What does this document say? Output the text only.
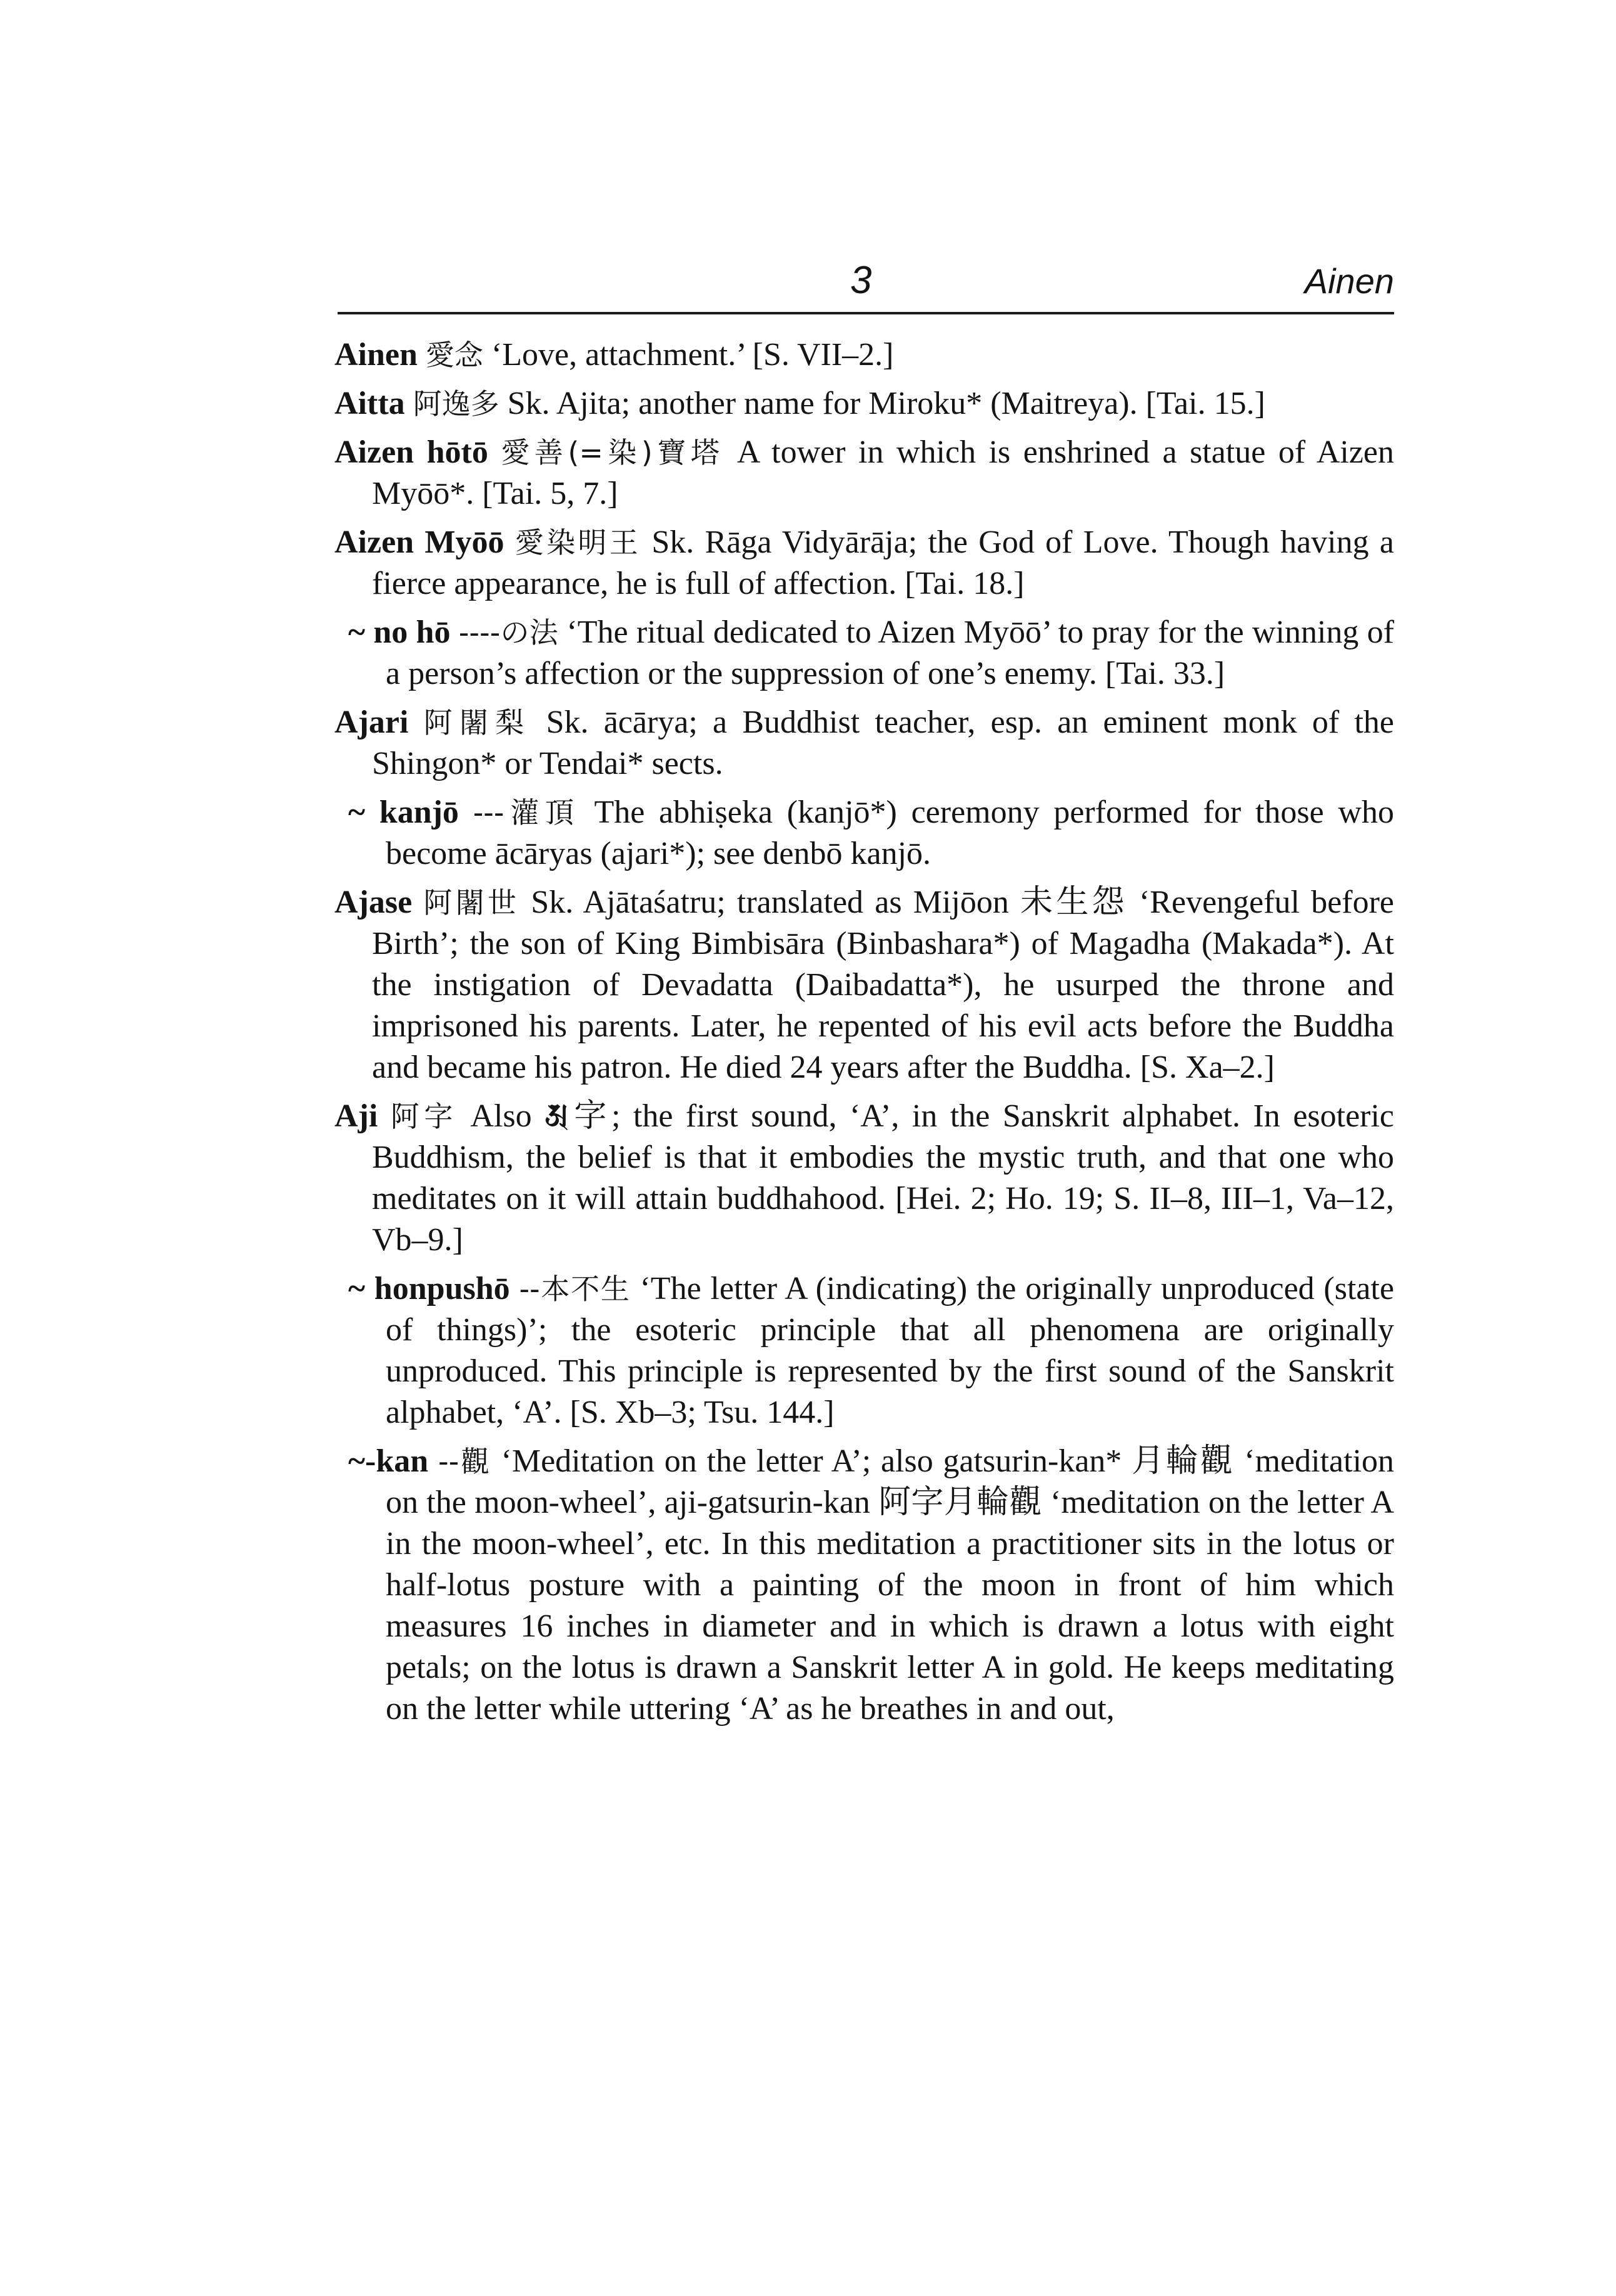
3	Ainen

Ainen 愛念 ‘Love, attachment.’ [S. VII–2.]

Aitta 阿逸多 Sk. Ajita; another name for Miroku* (Maitreya). [Tai. 15.]

Aizen hōtō 愛善(=染)寶塔 A tower in which is enshrined a statue of Aizen Myōō*. [Tai. 5, 7.]

Aizen Myōō 愛染明王 Sk. Rāga Vidyārāja; the God of Love. Though having a fierce appearance, he is full of affection. [Tai. 18.]

~ no hō ----の法 ‘The ritual dedicated to Aizen Myōō’ to pray for the winning of a person’s affection or the suppression of one’s enemy. [Tai. 33.]

Ajari 阿闍梨 Sk. ācārya; a Buddhist teacher, esp. an eminent monk of the Shingon* or Tendai* sects.

~ kanjō ---灌頂 The abhiṣeka (kanjō*) ceremony performed for those who become ācāryas (ajari*); see denbō kanjō.

Ajase 阿闍世 Sk. Ajātaśatru; translated as Mijōon 未生怨 ‘Revengeful before Birth’; the son of King Bimbisāra (Binbashara*) of Magadha (Makada*). At the instigation of Devadatta (Daibadatta*), he usurped the throne and imprisoned his parents. Later, he repented of his evil acts before the Buddha and became his patron. He died 24 years after the Buddha. [S. Xa–2.]

Aji 阿字 Also 𑖀字; the first sound, ‘A’, in the Sanskrit alphabet. In esoteric Buddhism, the belief is that it embodies the mystic truth, and that one who meditates on it will attain buddhahood. [Hei. 2; Ho. 19; S. II–8, III–1, Va–12, Vb–9.]

~ honpushō --本不生 ‘The letter A (indicating) the originally unproduced (state of things)’; the esoteric principle that all phenomena are originally unproduced. This principle is represented by the first sound of the Sanskrit alphabet, ‘A’. [S. Xb–3; Tsu. 144.]

~-kan --觀 ‘Meditation on the letter A’; also gatsurin-kan* 月輪觀 ‘meditation on the moon-wheel’, aji-gatsurin-kan 阿字月輪觀 ‘meditation on the letter A in the moon-wheel’, etc. In this meditation a practitioner sits in the lotus or half-lotus posture with a painting of the moon in front of him which measures 16 inches in diameter and in which is drawn a lotus with eight petals; on the lotus is drawn a Sanskrit letter A in gold. He keeps meditating on the letter while uttering ‘A’ as he breathes in and out,
